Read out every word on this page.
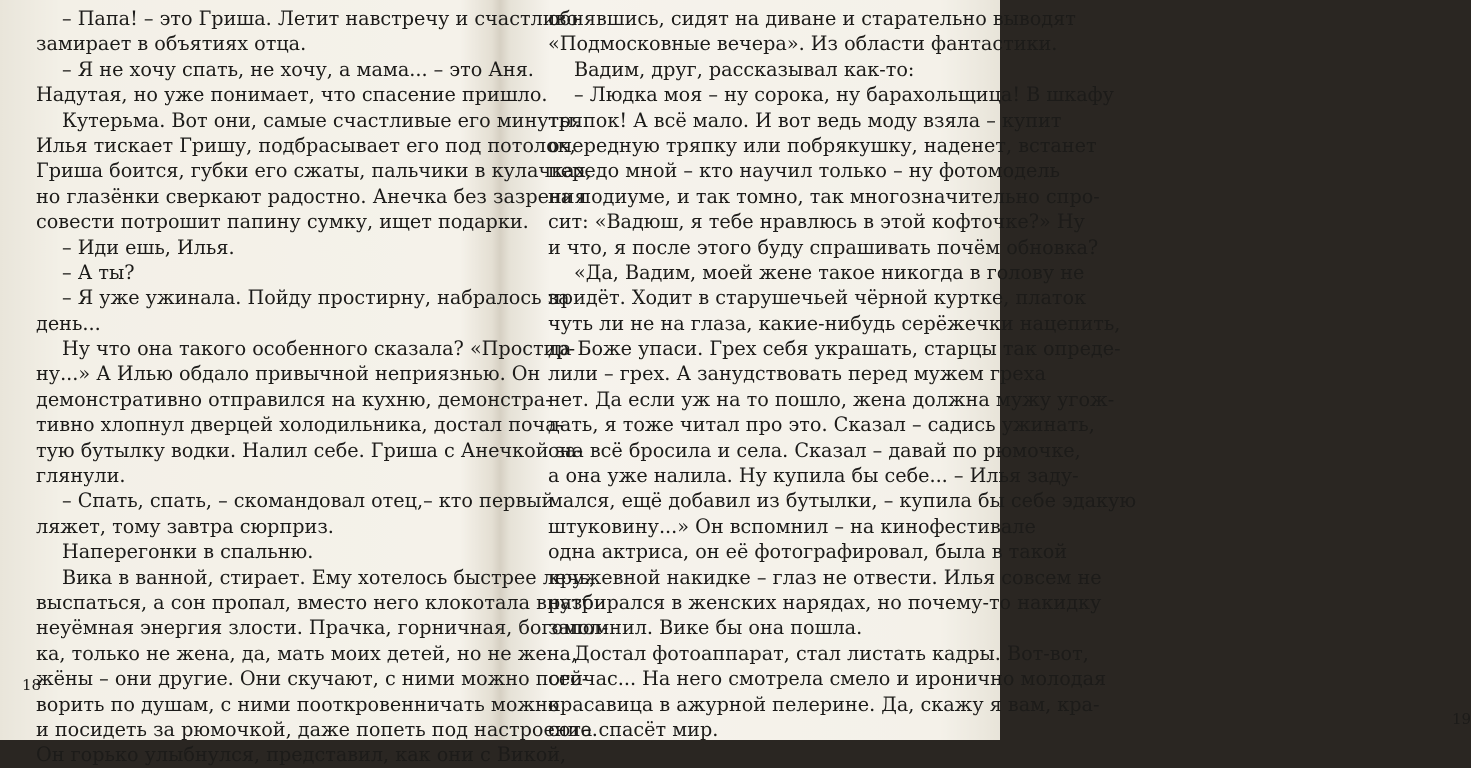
– Папа! – это Гриша. Летит навстречу и счастливо
замирает в объятиях отца.
– Я не хочу спать, не хочу, а мама... – это Аня.
Надутая, но уже понимает, что спасение пришло.
Кутерьма. Вот они, самые счастливые его минуты.
Илья тискает Гришу, подбрасывает его под потолок,
Гриша боится, губки его сжаты, пальчики в кулачках,
но глазёнки сверкают радостно. Анечка без зазрения
совести потрошит папину сумку, ищет подарки.
– Иди ешь, Илья.
– А ты?
– Я уже ужинала. Пойду простирну, набралось за
день...
Ну что она такого особенного сказала? «Простир-
ну...» А Илью обдало привычной неприязнью. Он
демонстративно отправился на кухню, демонстра-
тивно хлопнул дверцей холодильника, достал поча-
тую бутылку водки. Налил себе. Гриша с Анечкой за-
глянули.
– Спать, спать, – скомандовал отец,– кто первый
ляжет, тому завтра сюрприз.
Наперегонки в спальню.
Вика в ванной, стирает. Ему хотелось быстрее лечь,
выспаться, а сон пропал, вместо него клокотала внутри
неуёмная энергия злости. Прачка, горничная, богомол-
ка, только не жена, да, мать моих детей, но не жена,
жёны – они другие. Они скучают, с ними можно пого-
ворить по душам, с ними пооткровенничать можно
и посидеть за рюмочкой, даже попеть под настроение.
Он горько улыбнулся, представил, как они с Викой,
18
19
обнявшись, сидят на диване и старательно выводят
«Подмосковные вечера». Из области фантастики.
Вадим, друг, рассказывал как-то:
– Людка моя – ну сорока, ну барахольщица! В шкафу
тряпок! А всё мало. И вот ведь моду взяла – купит
очередную тряпку или побрякушку, наденет, встанет
передо мной – кто научил только – ну фотомодель
на подиуме, и так томно, так многозначительно спро-
сит: «Вадюш, я тебе нравлюсь в этой кофточке?» Ну
и что, я после этого буду спрашивать почём обновка?
«Да, Вадим, моей жене такое никогда в голову не
придёт. Ходит в старушечьей чёрной куртке, платок
чуть ли не на глаза, какие-нибудь серёжечки нацепить,
да Боже упаси. Грех себя украшать, старцы так опреде-
лили – грех. А занудствовать перед мужем греха
нет. Да если уж на то пошло, жена должна мужу угож-
дать, я тоже читал про это. Сказал – садись ужинать,
она всё бросила и села. Сказал – давай по рюмочке,
а она уже налила. Ну купила бы себе... – Илья заду-
мался, ещё добавил из бутылки, – купила бы себе эдакую
штуковину...» Он вспомнил – на кинофестивале
одна актриса, он её фотографировал, была в такой
кружевной накидке – глаз не отвести. Илья совсем не
разбирался в женских нарядах, но почему-то накидку
запомнил. Вике бы она пошла.
Достал фотоаппарат, стал листать кадры. Вот-вот,
сейчас... На него смотрела смело и иронично молодая
красавица в ажурной пелерине. Да, скажу я вам, кра-
сота спасёт мир.
